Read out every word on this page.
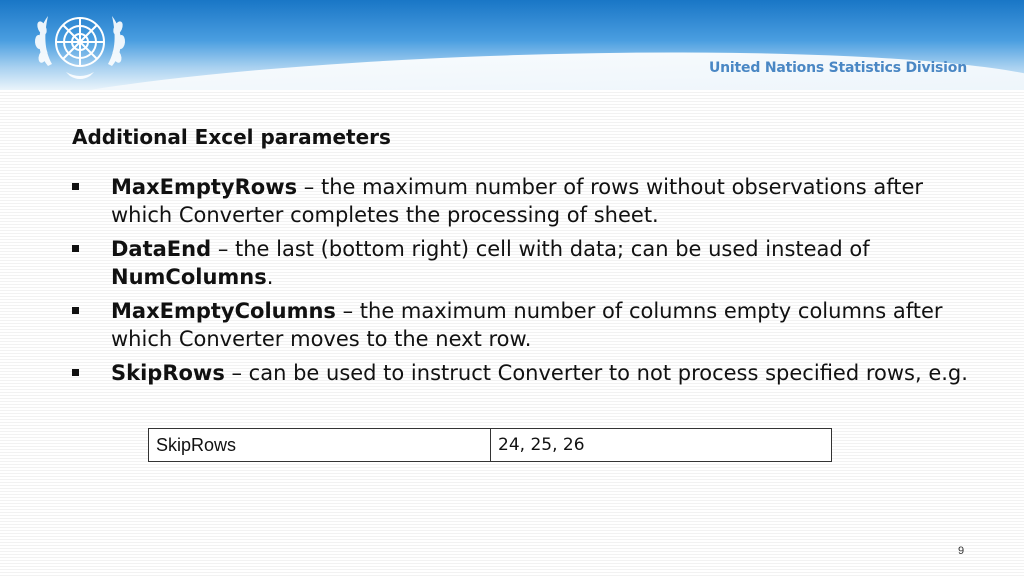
United Nations Statistics Division
Additional Excel parameters
MaxEmptyRows – the maximum number of rows without observations after which Converter completes the processing of sheet.
DataEnd – the last (bottom right) cell with data; can be used instead of NumColumns.
MaxEmptyColumns – the maximum number of columns empty columns after which Converter moves to the next row.
SkipRows – can be used to instruct Converter to not process specified rows, e.g.
SkipRows	24, 25, 26
9
